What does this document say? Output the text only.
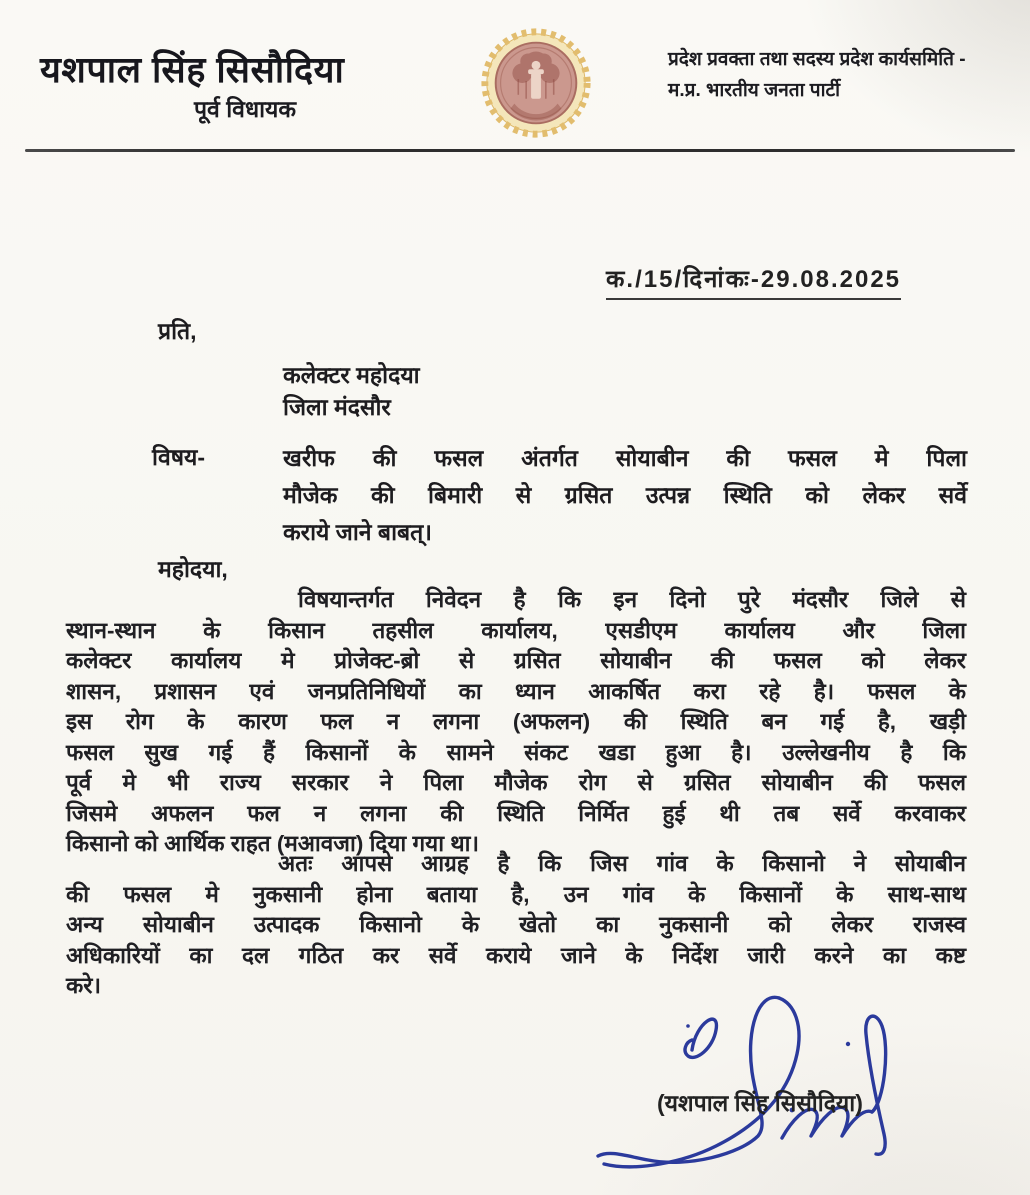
यशपाल सिंह सिसौदिया
पूर्व विधायक
प्रदेश प्रवक्ता तथा सदस्य प्रदेश कार्यसमिति -
म.प्र. भारतीय जनता पार्टी
क./15/दिनांकः-29.08.2025
प्रति,
कलेक्टर महोदया
जिला मंदसौर
विषय-	खरीफ की फसल अंतर्गत सोयाबीन की फसल मे पिला
मौजेक की बिमारी से ग्रसित उत्पन्न स्थिति को लेकर सर्वे
कराये जाने बाबत्।
महोदया,
विषयान्तर्गत निवेदन है कि इन दिनो पुरे मंदसौर जिले से
स्थान-स्थान के किसान तहसील कार्यालय, एसडीएम कार्यालय और जिला
कलेक्टर कार्यालय मे प्रोजेक्ट-ब्रो से ग्रसित सोयाबीन की फसल को लेकर
शासन, प्रशासन एवं जनप्रतिनिधियों का ध्यान आकर्षित करा रहे है। फसल के
इस रोग के कारण फल न लगना (अफलन) की स्थिति बन गई है, खड़ी
फसल सुख गई हैं किसानों के सामने संकट खडा हुआ है। उल्लेखनीय है कि
पूर्व मे भी राज्य सरकार ने पिला मौजेक रोग से ग्रसित सोयाबीन की फसल
जिसमे अफलन फल न लगना की स्थिति निर्मित हुई थी तब सर्वे करवाकर
किसानो को आर्थिक राहत (मआवजा) दिया गया था।
अतः आपसे आग्रह है कि जिस गांव के किसानो ने सोयाबीन
की फसल मे नुकसानी होना बताया है, उन गांव के किसानों के साथ-साथ
अन्य सोयाबीन उत्पादक किसानो के खेतो का नुकसानी को लेकर राजस्व
अधिकारियों का दल गठित कर सर्वे कराये जाने के निर्देश जारी करने का कष्ट
करे।
(यशपाल सिंह सिसौदिया)
